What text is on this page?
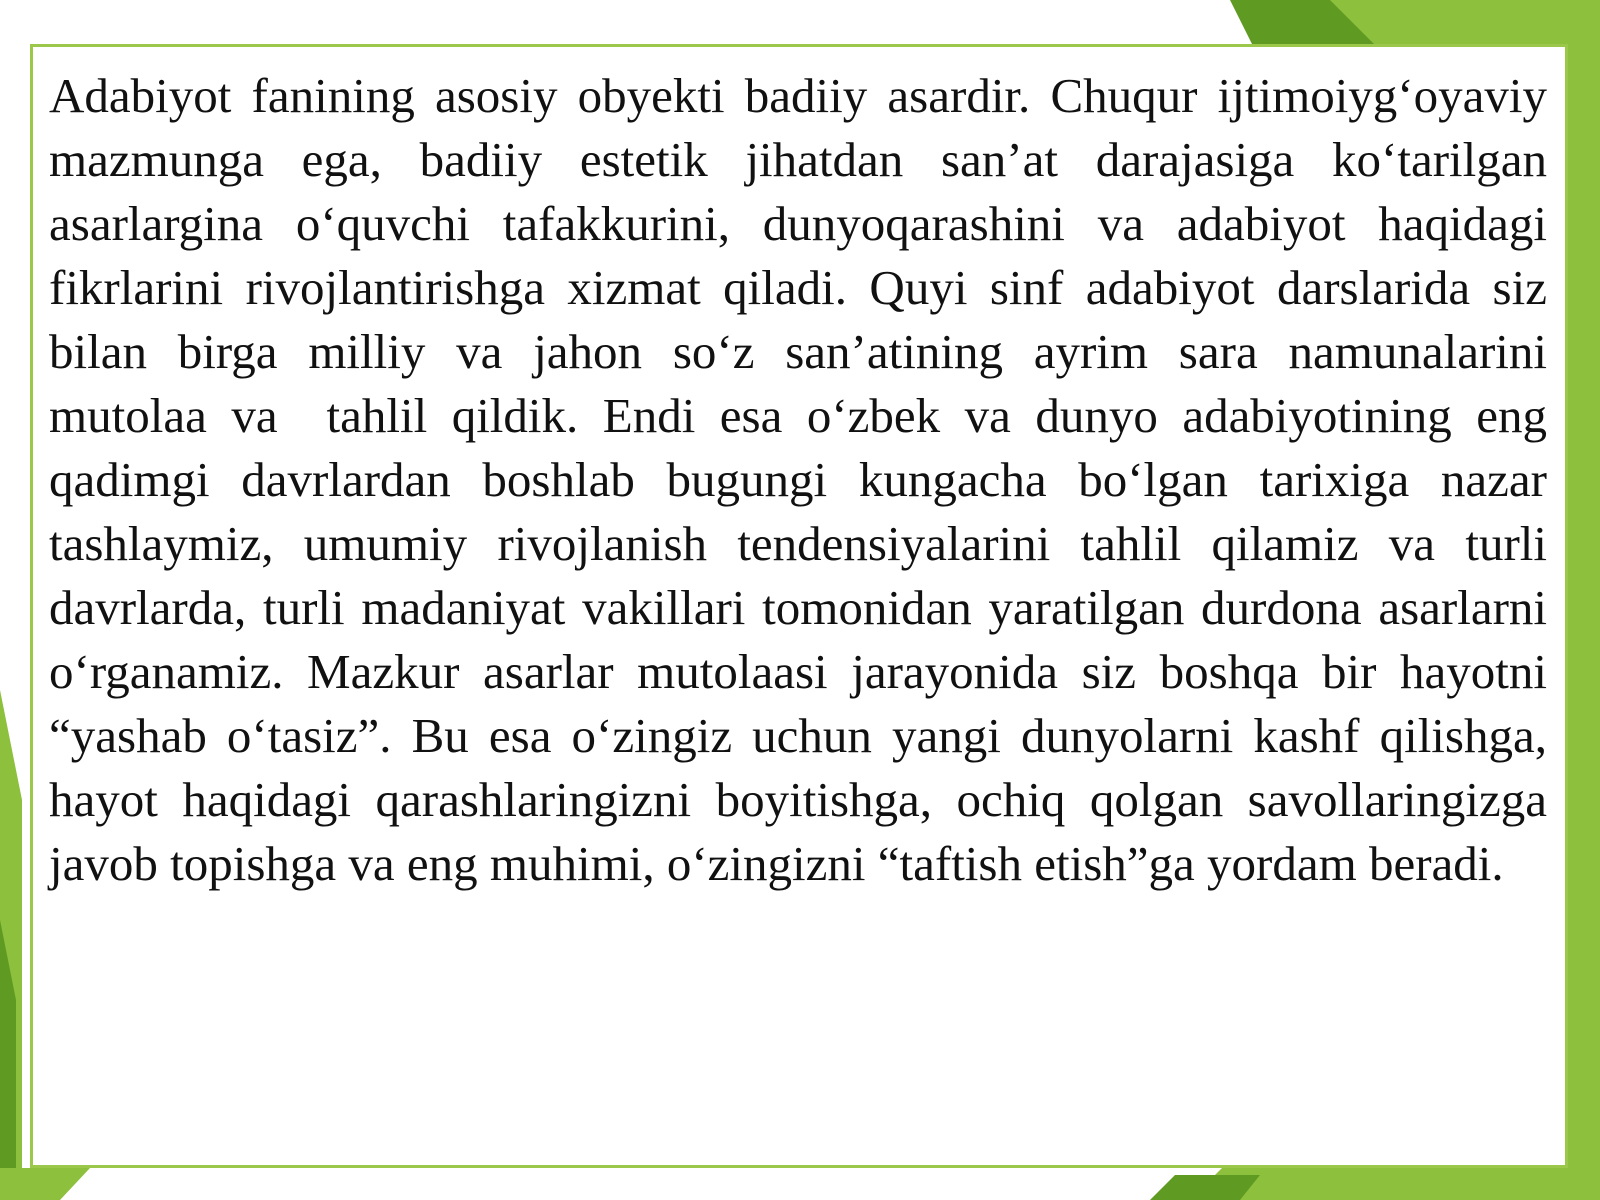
Adabiyot fanining asosiy obyekti badiiy asardir. Chuqur ijtimoiyg‘oyaviy mazmunga ega, badiiy estetik jihatdan san’at darajasiga ko‘tarilgan asarlargina o‘quvchi tafakkurini, dunyoqarashini va adabiyot haqidagi fikrlarini rivojlantirishga xizmat qiladi. Quyi sinf adabiyot darslarida siz bilan birga milliy va jahon so‘z san’atining ayrim sara namunalarini mutolaa va  tahlil qildik. Endi esa o‘zbek va dunyo adabiyotining eng qadimgi davrlardan boshlab bugungi kungacha bo‘lgan tarixiga nazar tashlaymiz, umumiy rivojlanish tendensiyalarini tahlil qilamiz va turli davrlarda, turli madaniyat vakillari tomonidan yaratilgan durdona asarlarni o‘rganamiz. Mazkur asarlar mutolaasi jarayonida siz boshqa bir hayotni “yashab o‘tasiz”. Bu esa o‘zingiz uchun yangi dunyolarni kashf qilishga, hayot haqidagi qarashlaringizni boyitishga, ochiq qolgan savollaringizga javob topishga va eng muhimi, o‘zingizni “taftish etish”ga yordam beradi.
